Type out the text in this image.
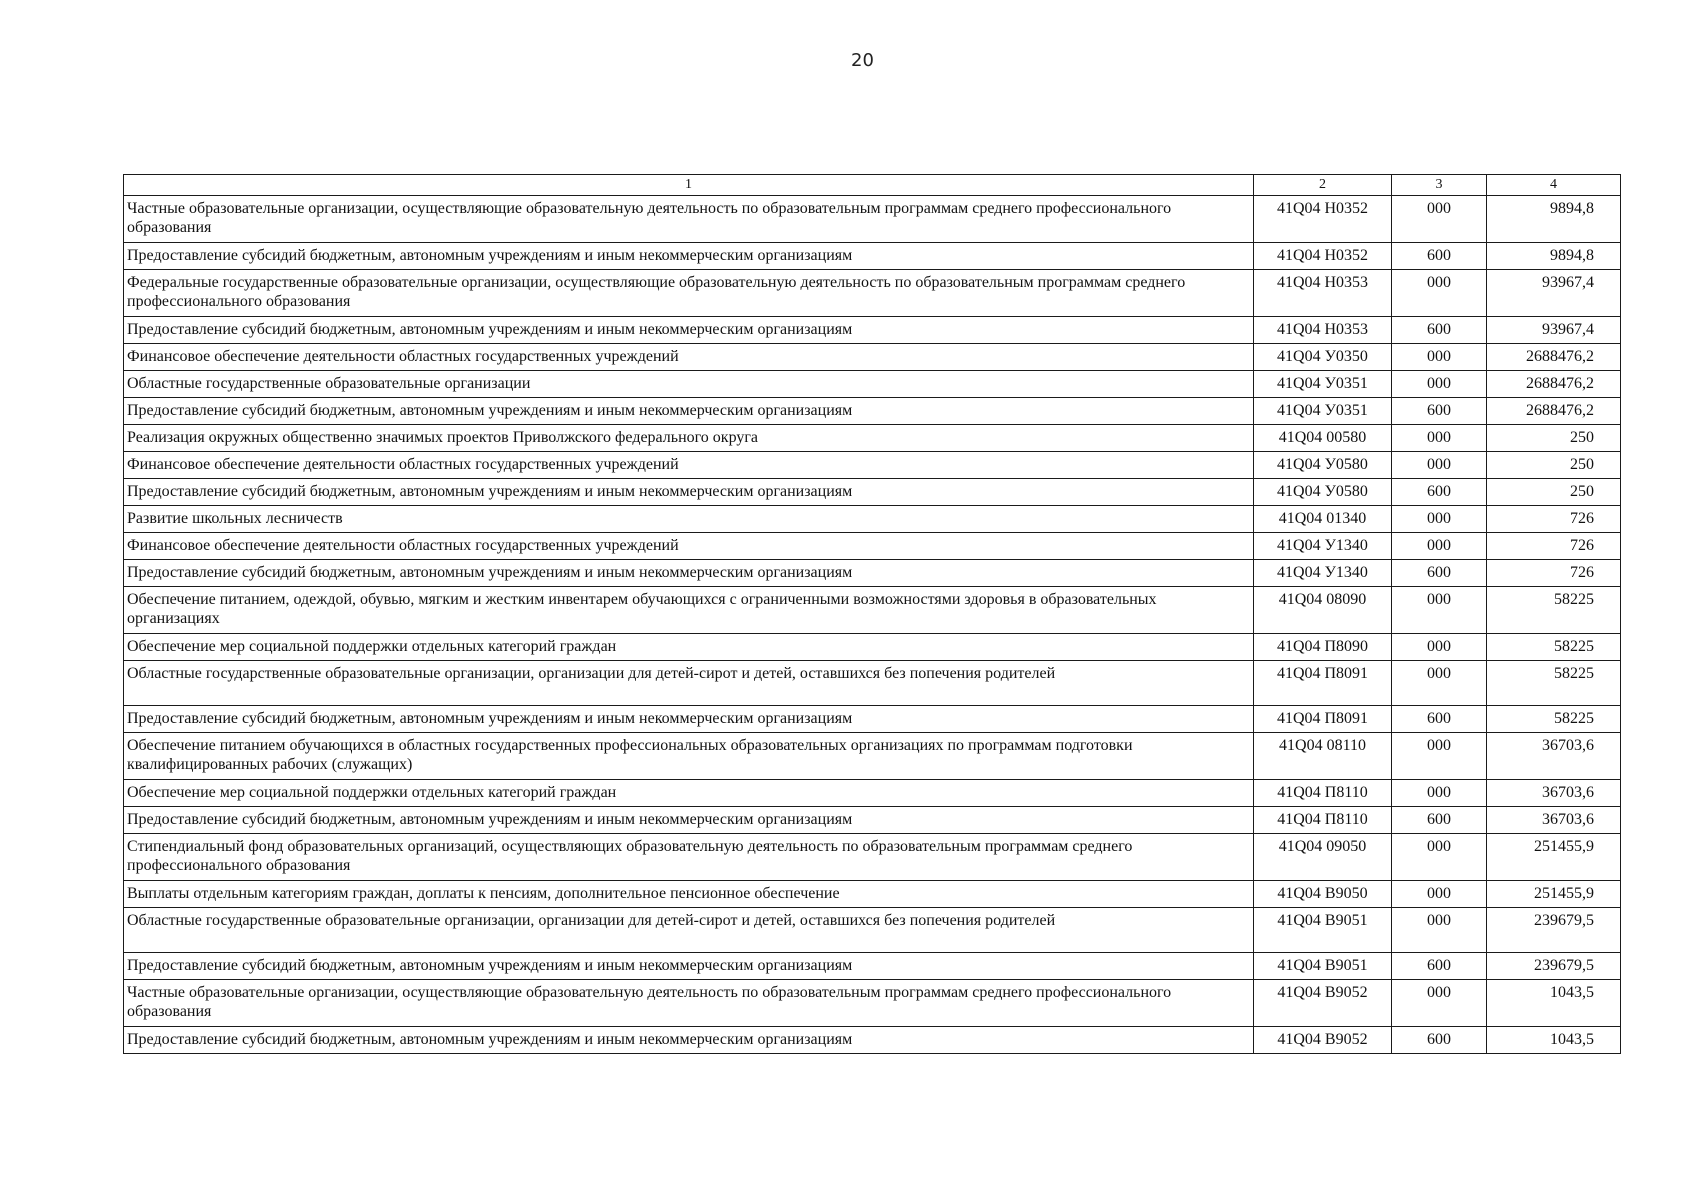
20
1	2	3	4
Частные образовательные организации, осуществляющие образовательную деятельность по образовательным программам среднего профессионального образования	41Q04 Н0352	000	9894,8
Предоставление субсидий бюджетным, автономным учреждениям и иным некоммерческим организациям	41Q04 Н0352	600	9894,8
Федеральные государственные образовательные организации, осуществляющие образовательную деятельность по образовательным программам среднего профессионального образования	41Q04 Н0353	000	93967,4
Предоставление субсидий бюджетным, автономным учреждениям и иным некоммерческим организациям	41Q04 Н0353	600	93967,4
Финансовое обеспечение деятельности областных государственных учреждений	41Q04 У0350	000	2688476,2
Областные государственные образовательные организации	41Q04 У0351	000	2688476,2
Предоставление субсидий бюджетным, автономным учреждениям и иным некоммерческим организациям	41Q04 У0351	600	2688476,2
Реализация окружных общественно значимых проектов Приволжского федерального округа	41Q04 00580	000	250
Финансовое обеспечение деятельности областных государственных учреждений	41Q04 У0580	000	250
Предоставление субсидий бюджетным, автономным учреждениям и иным некоммерческим организациям	41Q04 У0580	600	250
Развитие школьных лесничеств	41Q04 01340	000	726
Финансовое обеспечение деятельности областных государственных учреждений	41Q04 У1340	000	726
Предоставление субсидий бюджетным, автономным учреждениям и иным некоммерческим организациям	41Q04 У1340	600	726
Обеспечение питанием, одеждой, обувью, мягким и жестким инвентарем обучающихся с ограниченными возможностями здоровья в образовательных организациях	41Q04 08090	000	58225
Обеспечение мер социальной поддержки отдельных категорий граждан	41Q04 П8090	000	58225
Областные государственные образовательные организации, организации для детей-сирот и детей, оставшихся без попечения родителей	41Q04 П8091	000	58225
Предоставление субсидий бюджетным, автономным учреждениям и иным некоммерческим организациям	41Q04 П8091	600	58225
Обеспечение питанием обучающихся в областных государственных профессиональных образовательных организациях по программам подготовки квалифицированных рабочих (служащих)	41Q04 08110	000	36703,6
Обеспечение мер социальной поддержки отдельных категорий граждан	41Q04 П8110	000	36703,6
Предоставление субсидий бюджетным, автономным учреждениям и иным некоммерческим организациям	41Q04 П8110	600	36703,6
Стипендиальный фонд образовательных организаций, осуществляющих образовательную деятельность по образовательным программам среднего профессионального образования	41Q04 09050	000	251455,9
Выплаты отдельным категориям граждан, доплаты к пенсиям, дополнительное пенсионное обеспечение	41Q04 В9050	000	251455,9
Областные государственные образовательные организации, организации для детей-сирот и детей, оставшихся без попечения родителей	41Q04 В9051	000	239679,5
Предоставление субсидий бюджетным, автономным учреждениям и иным некоммерческим организациям	41Q04 В9051	600	239679,5
Частные образовательные организации, осуществляющие образовательную деятельность по образовательным программам среднего профессионального образования	41Q04 В9052	000	1043,5
Предоставление субсидий бюджетным, автономным учреждениям и иным некоммерческим организациям	41Q04 В9052	600	1043,5
